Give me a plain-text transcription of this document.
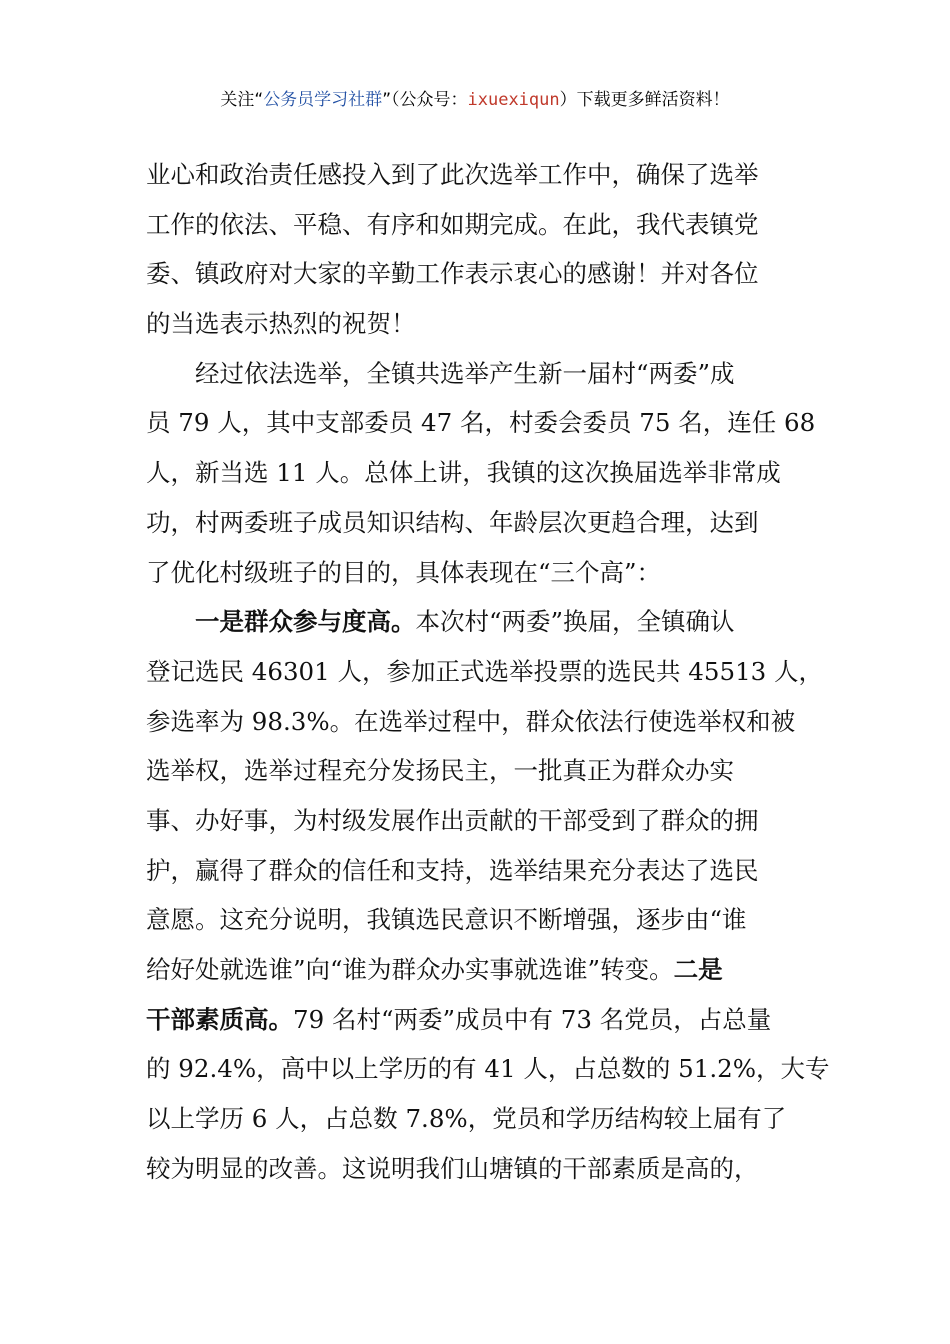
关注“公务员学习社群”（公众号：ixuexiqun）下载更多鲜活资料！
业心和政治责任感投入到了此次选举工作中，确保了选举
工作的依法、平稳、有序和如期完成。在此，我代表镇党
委、镇政府对大家的辛勤工作表示衷心的感谢！并对各位
的当选表示热烈的祝贺！
　　经过依法选举，全镇共选举产生新一届村“两委”成
员 79 人，其中支部委员 47 名，村委会委员 75 名，连任 68
人，新当选 11 人。总体上讲，我镇的这次换届选举非常成
功，村两委班子成员知识结构、年龄层次更趋合理，达到
了优化村级班子的目的，具体表现在“三个高”：
一是群众参与度高。本次村“两委”换届，全镇确认
登记选民 46301 人，参加正式选举投票的选民共 45513 人，
参选率为 98.3%。在选举过程中，群众依法行使选举权和被
选举权，选举过程充分发扬民主，一批真正为群众办实
事、办好事，为村级发展作出贡献的干部受到了群众的拥
护，赢得了群众的信任和支持，选举结果充分表达了选民
意愿。这充分说明，我镇选民意识不断增强，逐步由“谁
给好处就选谁”向“谁为群众办实事就选谁”转变。二是
干部素质高。79 名村“两委”成员中有 73 名党员，占总量
的 92.4%，高中以上学历的有 41 人，占总数的 51.2%，大专
以上学历 6 人，占总数 7.8%，党员和学历结构较上届有了
较为明显的改善。这说明我们山塘镇的干部素质是高的，
